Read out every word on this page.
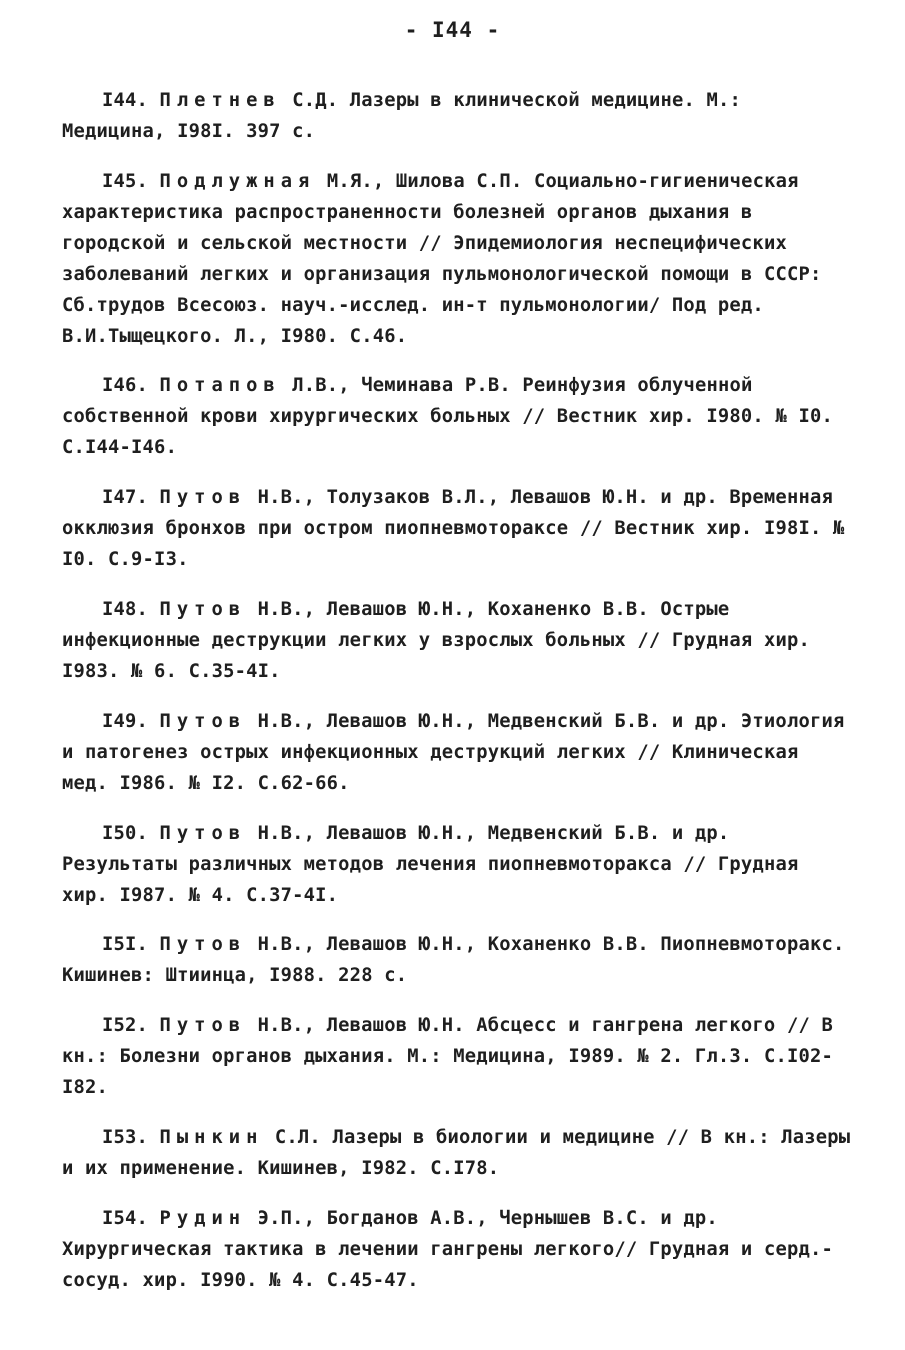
- I44 -

I44. Плетнев С.Д. Лазеры в клинической медицине. М.: Медицина, I98I. 397 с.

I45. Подлужная М.Я., Шилова С.П. Социально-гигиеническая характеристика распространенности болезней органов дыхания в городской и сельской местности // Эпидемиология неспецифических заболеваний легких и организация пульмонологической помощи в СССР: Сб.трудов Всесоюз. науч.-исслед. ин-т пульмонологии/ Под ред. В.И.Тыщецкого. Л., I980. С.46.

I46. Потапов Л.В., Чеминава Р.В. Реинфузия облученной собственной крови хирургических больных // Вестник хир. I980. № I0. С.I44-I46.

I47. Путов Н.В., Толузаков В.Л., Левашов Ю.Н. и др. Временная окклюзия бронхов при остром пиопневмотораксе // Вестник хир. I98I. № I0. С.9-I3.

I48. Путов Н.В., Левашов Ю.Н., Коханенко В.В. Острые инфекционные деструкции легких у взрослых больных // Грудная хир. I983. № 6. С.35-4I.

I49. Путов Н.В., Левашов Ю.Н., Медвенский Б.В. и др. Этиология и патогенез острых инфекционных деструкций легких // Клиническая мед. I986. № I2. С.62-66.

I50. Путов Н.В., Левашов Ю.Н., Медвенский Б.В. и др. Результаты различных методов лечения пиопневмоторакса // Грудная хир. I987. № 4. С.37-4I.

I5I. Путов Н.В., Левашов Ю.Н., Коханенко В.В. Пиопневмоторакс. Кишинев: Штиинца, I988. 228 с.

I52. Путов Н.В., Левашов Ю.Н. Абсцесс и гангрена легкого // В кн.: Болезни органов дыхания. М.: Медицина, I989. № 2. Гл.3. С.I02-I82.

I53. Пынкин С.Л. Лазеры в биологии и медицине // В кн.: Лазеры и их применение. Кишинев, I982. С.I78.

I54. Рудин Э.П., Богданов А.В., Чернышев В.С. и др. Хирургическая тактика в лечении гангрены легкого// Грудная и серд.-сосуд. хир. I990. № 4. С.45-47.
